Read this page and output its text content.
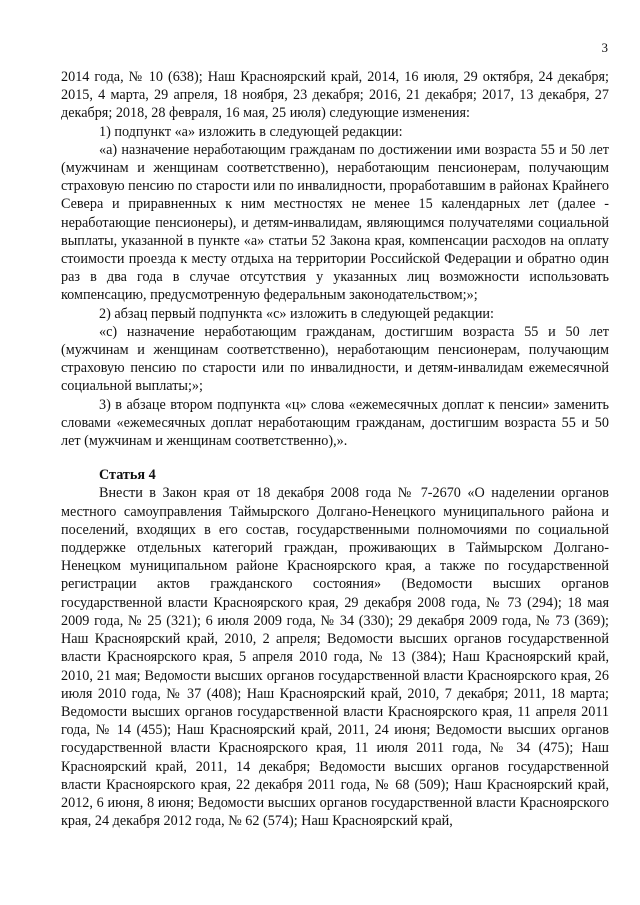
3

2014 года, № 10 (638); Наш Красноярский край, 2014, 16 июля, 29 октября, 24 декабря; 2015, 4 марта, 29 апреля, 18 ноября, 23 декабря; 2016, 21 декабря; 2017, 13 декабря, 27 декабря; 2018, 28 февраля, 16 мая, 25 июля) следующие изменения:

1) подпункт «а» изложить в следующей редакции:

«а) назначение неработающим гражданам по достижении ими возраста 55 и 50 лет (мужчинам и женщинам соответственно), неработающим пенсионерам, получающим страховую пенсию по старости или по инвалидности, проработавшим в районах Крайнего Севера и приравненных к ним местностях не менее 15 календарных лет (далее - неработающие пенсионеры), и детям-инвалидам, являющимся получателями социальной выплаты, указанной в пункте «а» статьи 52 Закона края, компенсации расходов на оплату стоимости проезда к месту отдыха на территории Российской Федерации и обратно один раз в два года в случае отсутствия у указанных лиц возможности использовать компенсацию, предусмотренную федеральным законодательством;»;

2) абзац первый подпункта «с» изложить в следующей редакции:

«с) назначение неработающим гражданам, достигшим возраста 55 и 50 лет (мужчинам и женщинам соответственно), неработающим пенсионерам, получающим страховую пенсию по старости или по инвалидности, и детям-инвалидам ежемесячной социальной выплаты;»;

3) в абзаце втором подпункта «ц» слова «ежемесячных доплат к пенсии» заменить словами «ежемесячных доплат неработающим гражданам, достигшим возраста 55 и 50 лет (мужчинам и женщинам соответственно),».

Статья 4

Внести в Закон края от 18 декабря 2008 года № 7-2670 «О наделении органов местного самоуправления Таймырского Долгано-Ненецкого муниципального района и поселений, входящих в его состав, государственными полномочиями по социальной поддержке отдельных категорий граждан, проживающих в Таймырском Долгано-Ненецком муниципальном районе Красноярского края, а также по государственной регистрации актов гражданского состояния» (Ведомости высших органов государственной власти Красноярского края, 29 декабря 2008 года, № 73 (294); 18 мая 2009 года, № 25 (321); 6 июля 2009 года, № 34 (330); 29 декабря 2009 года, № 73 (369); Наш Красноярский край, 2010, 2 апреля; Ведомости высших органов государственной власти Красноярского края, 5 апреля 2010 года, № 13 (384); Наш Красноярский край, 2010, 21 мая; Ведомости высших органов государственной власти Красноярского края, 26 июля 2010 года, № 37 (408); Наш Красноярский край, 2010, 7 декабря; 2011, 18 марта; Ведомости высших органов государственной власти Красноярского края, 11 апреля 2011 года, № 14 (455); Наш Красноярский край, 2011, 24 июня; Ведомости высших органов государственной власти Красноярского края, 11 июля 2011 года, № 34 (475); Наш Красноярский край, 2011, 14 декабря; Ведомости высших органов государственной власти Красноярского края, 22 декабря 2011 года, № 68 (509); Наш Красноярский край, 2012, 6 июня, 8 июня; Ведомости высших органов государственной власти Красноярского края, 24 декабря 2012 года, № 62 (574); Наш Красноярский край,
